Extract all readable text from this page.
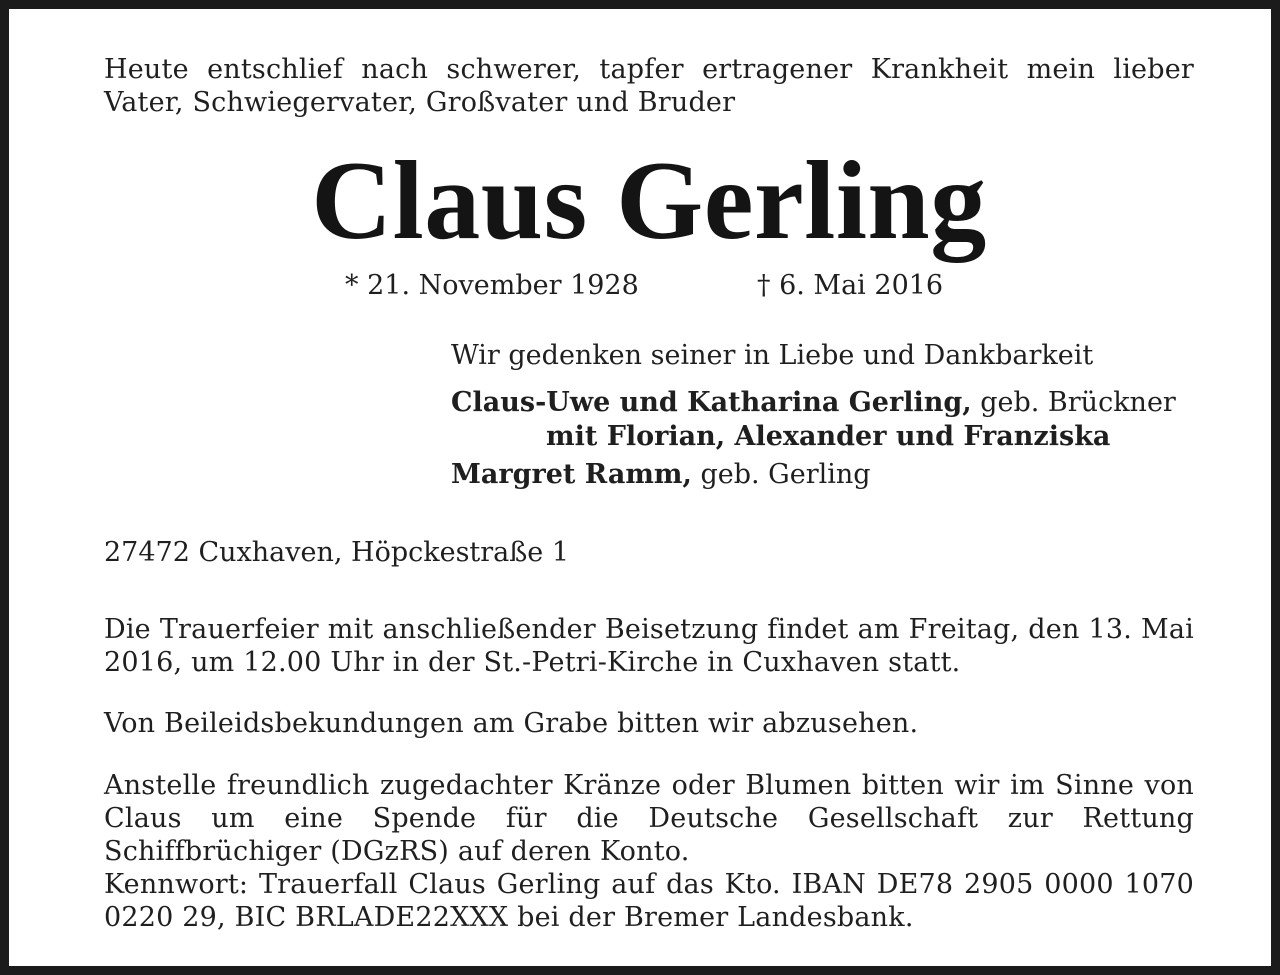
Heute entschlief nach schwerer, tapfer ertragener Krankheit mein lieber Vater, Schwiegervater, Großvater und Bruder

Claus Gerling
* 21. November 1928	† 6. Mai 2016
Wir gedenken seiner in Liebe und Dankbarkeit
Claus-Uwe und Katharina Gerling, geb. Brückner
mit Florian, Alexander und Franziska
Margret Ramm, geb. Gerling
27472 Cuxhaven, Höpckestraße 1

Die Trauerfeier mit anschließender Beisetzung findet am Freitag, den 13. Mai 2016, um 12.00 Uhr in der St.-Petri-Kirche in Cuxhaven statt.

Von Beileidsbekundungen am Grabe bitten wir abzusehen.

Anstelle freundlich zugedachter Kränze oder Blumen bitten wir im Sinne von Claus um eine Spende für die Deutsche Gesellschaft zur Rettung Schiffbrüchiger (DGzRS) auf deren Konto.

Kennwort: Trauerfall Claus Gerling auf das Kto. IBAN DE78 2905 0000 1070 0220 29, BIC BRLADE22XXX bei der Bremer Landesbank.
